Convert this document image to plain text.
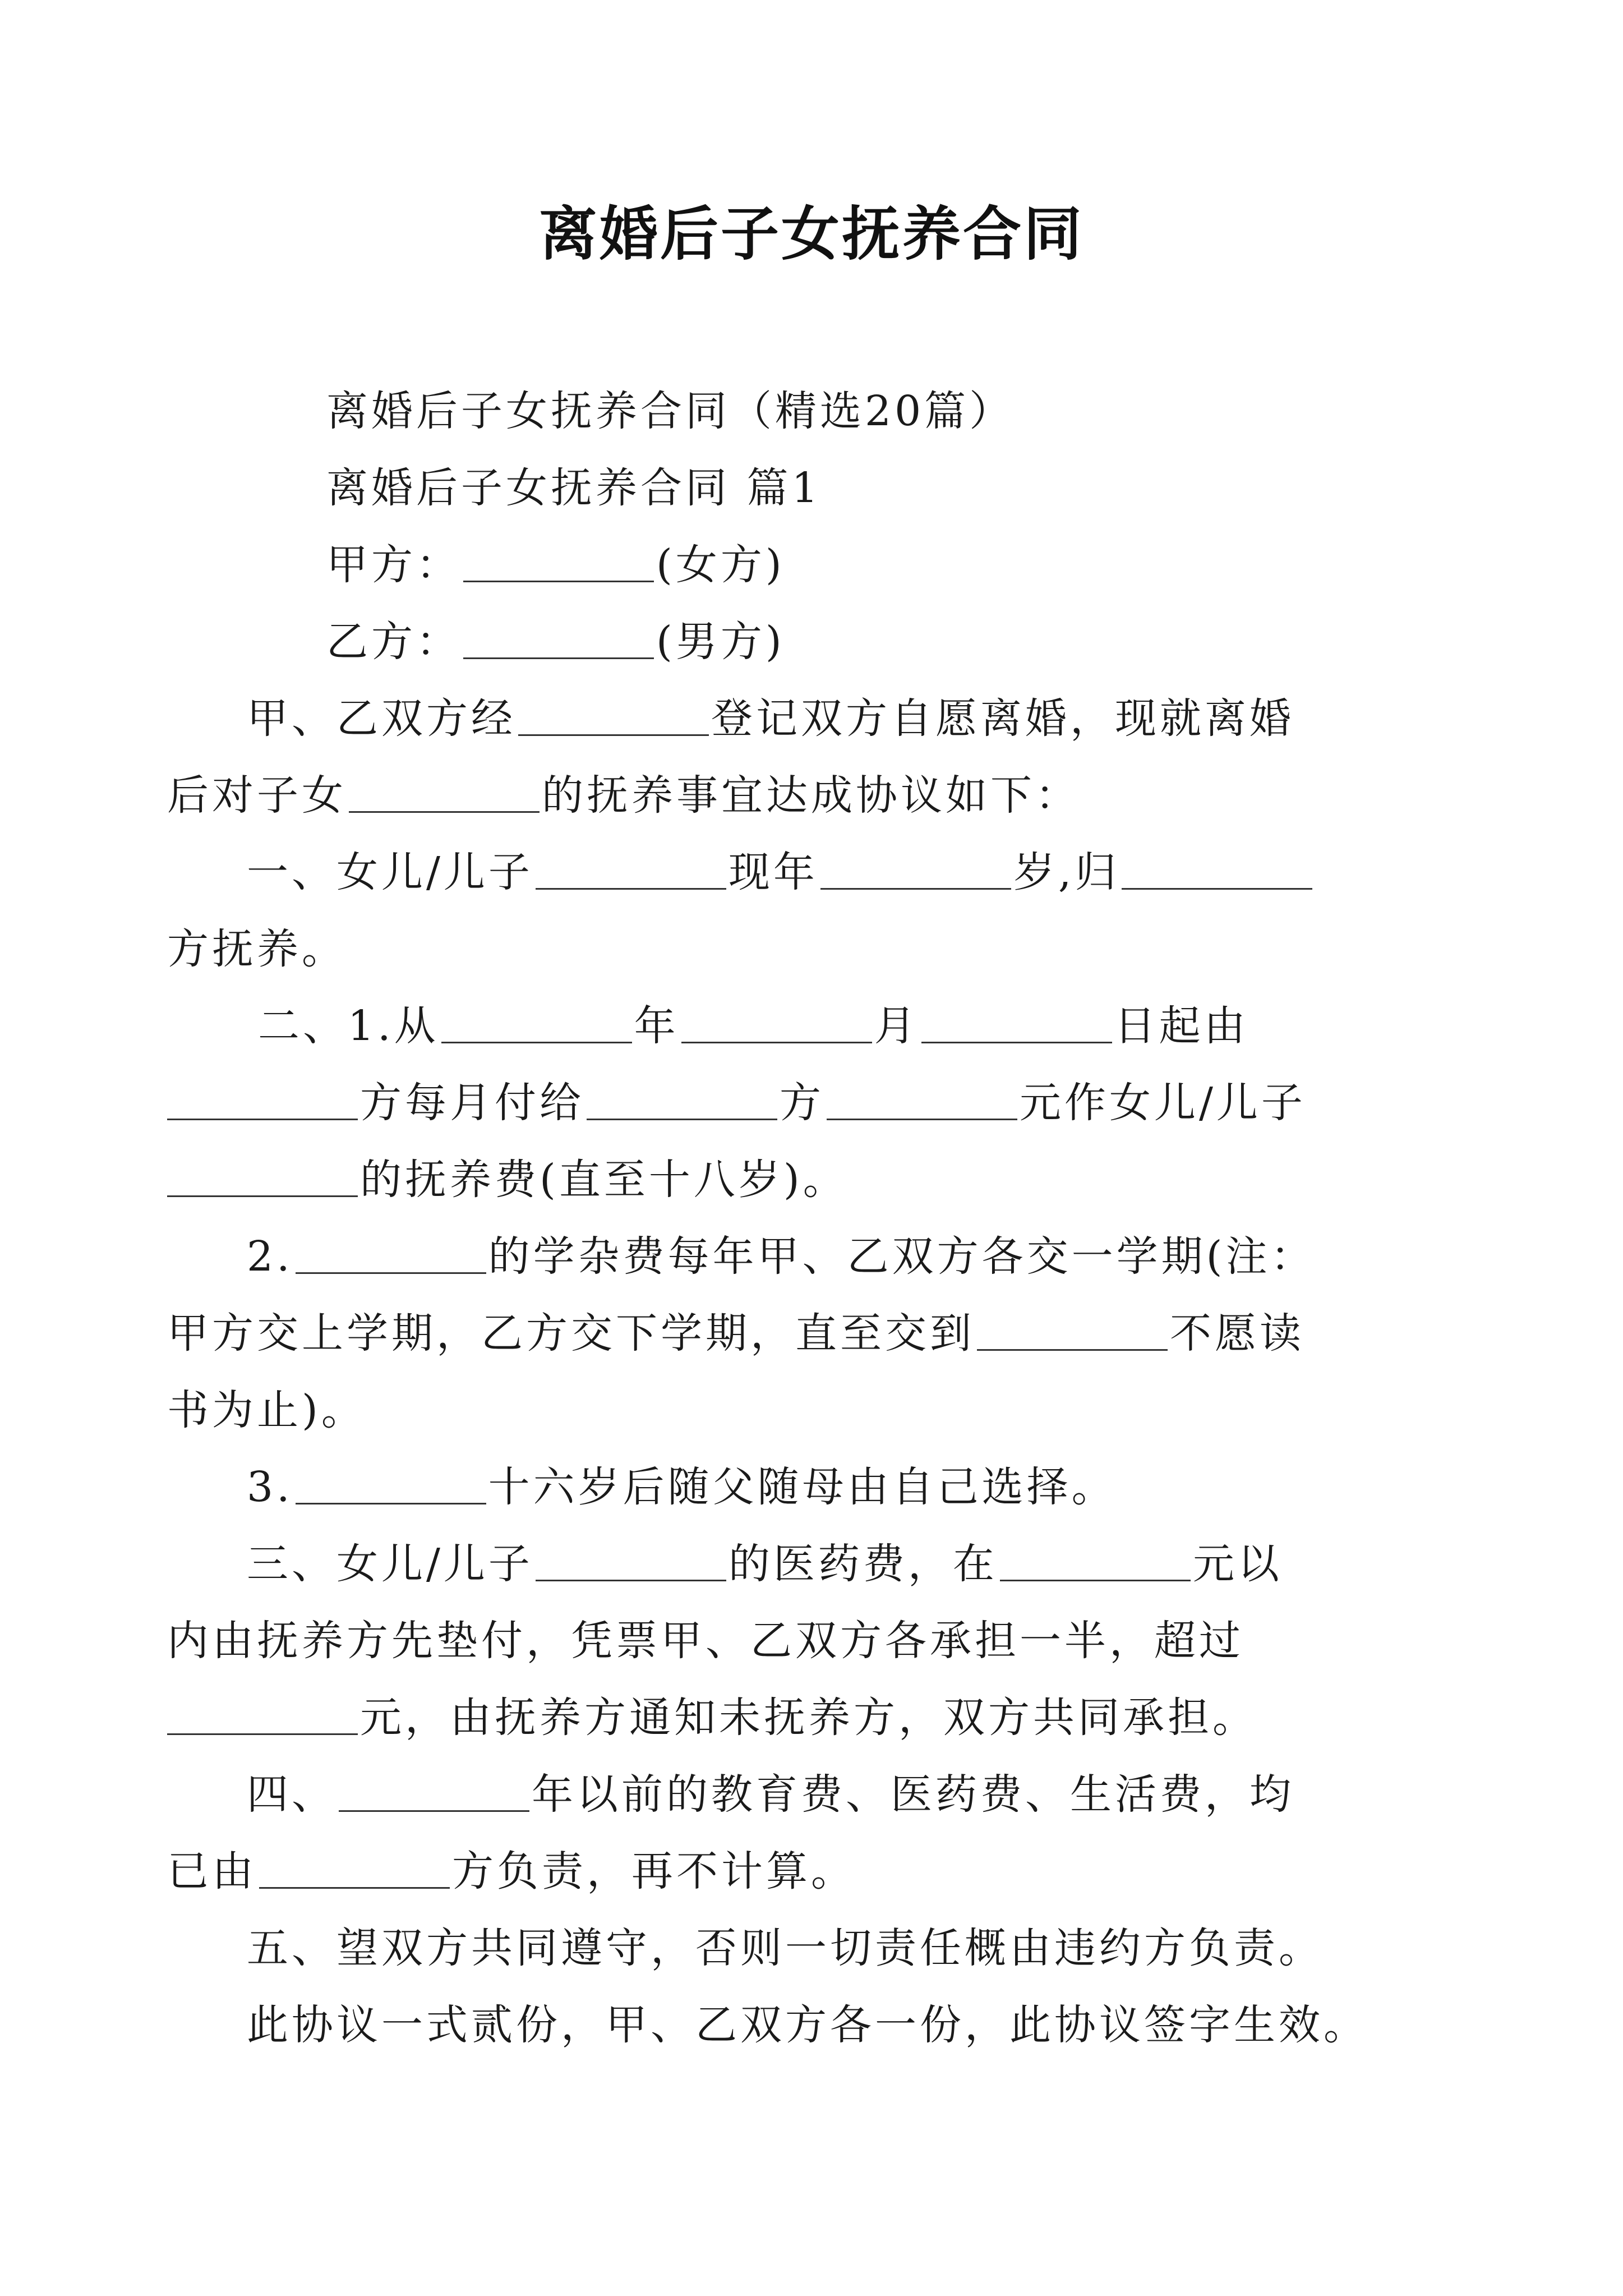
离婚后子女抚养合同
离婚后子女抚养合同（精选20篇）
离婚后子女抚养合同 篇1
甲方：	(女方)
乙方：	(男方)
甲、乙双方经	登记双方自愿离婚，现就离婚
后对子女	的抚养事宜达成协议如下：
一、女儿/儿子	现年	岁,归
方抚养。
二、1.从	年	月	日起由
方每月付给	方	元作女儿/儿子
的抚养费(直至十八岁)。
2.	的学杂费每年甲、乙双方各交一学期(注：
甲方交上学期，乙方交下学期，直至交到	不愿读
书为止)。
3.	十六岁后随父随母由自己选择。
三、女儿/儿子	的医药费，在	元以
内由抚养方先垫付，凭票甲、乙双方各承担一半，超过
元，由抚养方通知未抚养方，双方共同承担。
四、	年以前的教育费、医药费、生活费，均
已由	方负责，再不计算。
五、望双方共同遵守，否则一切责任概由违约方负责。
此协议一式贰份，甲、乙双方各一份，此协议签字生效。
